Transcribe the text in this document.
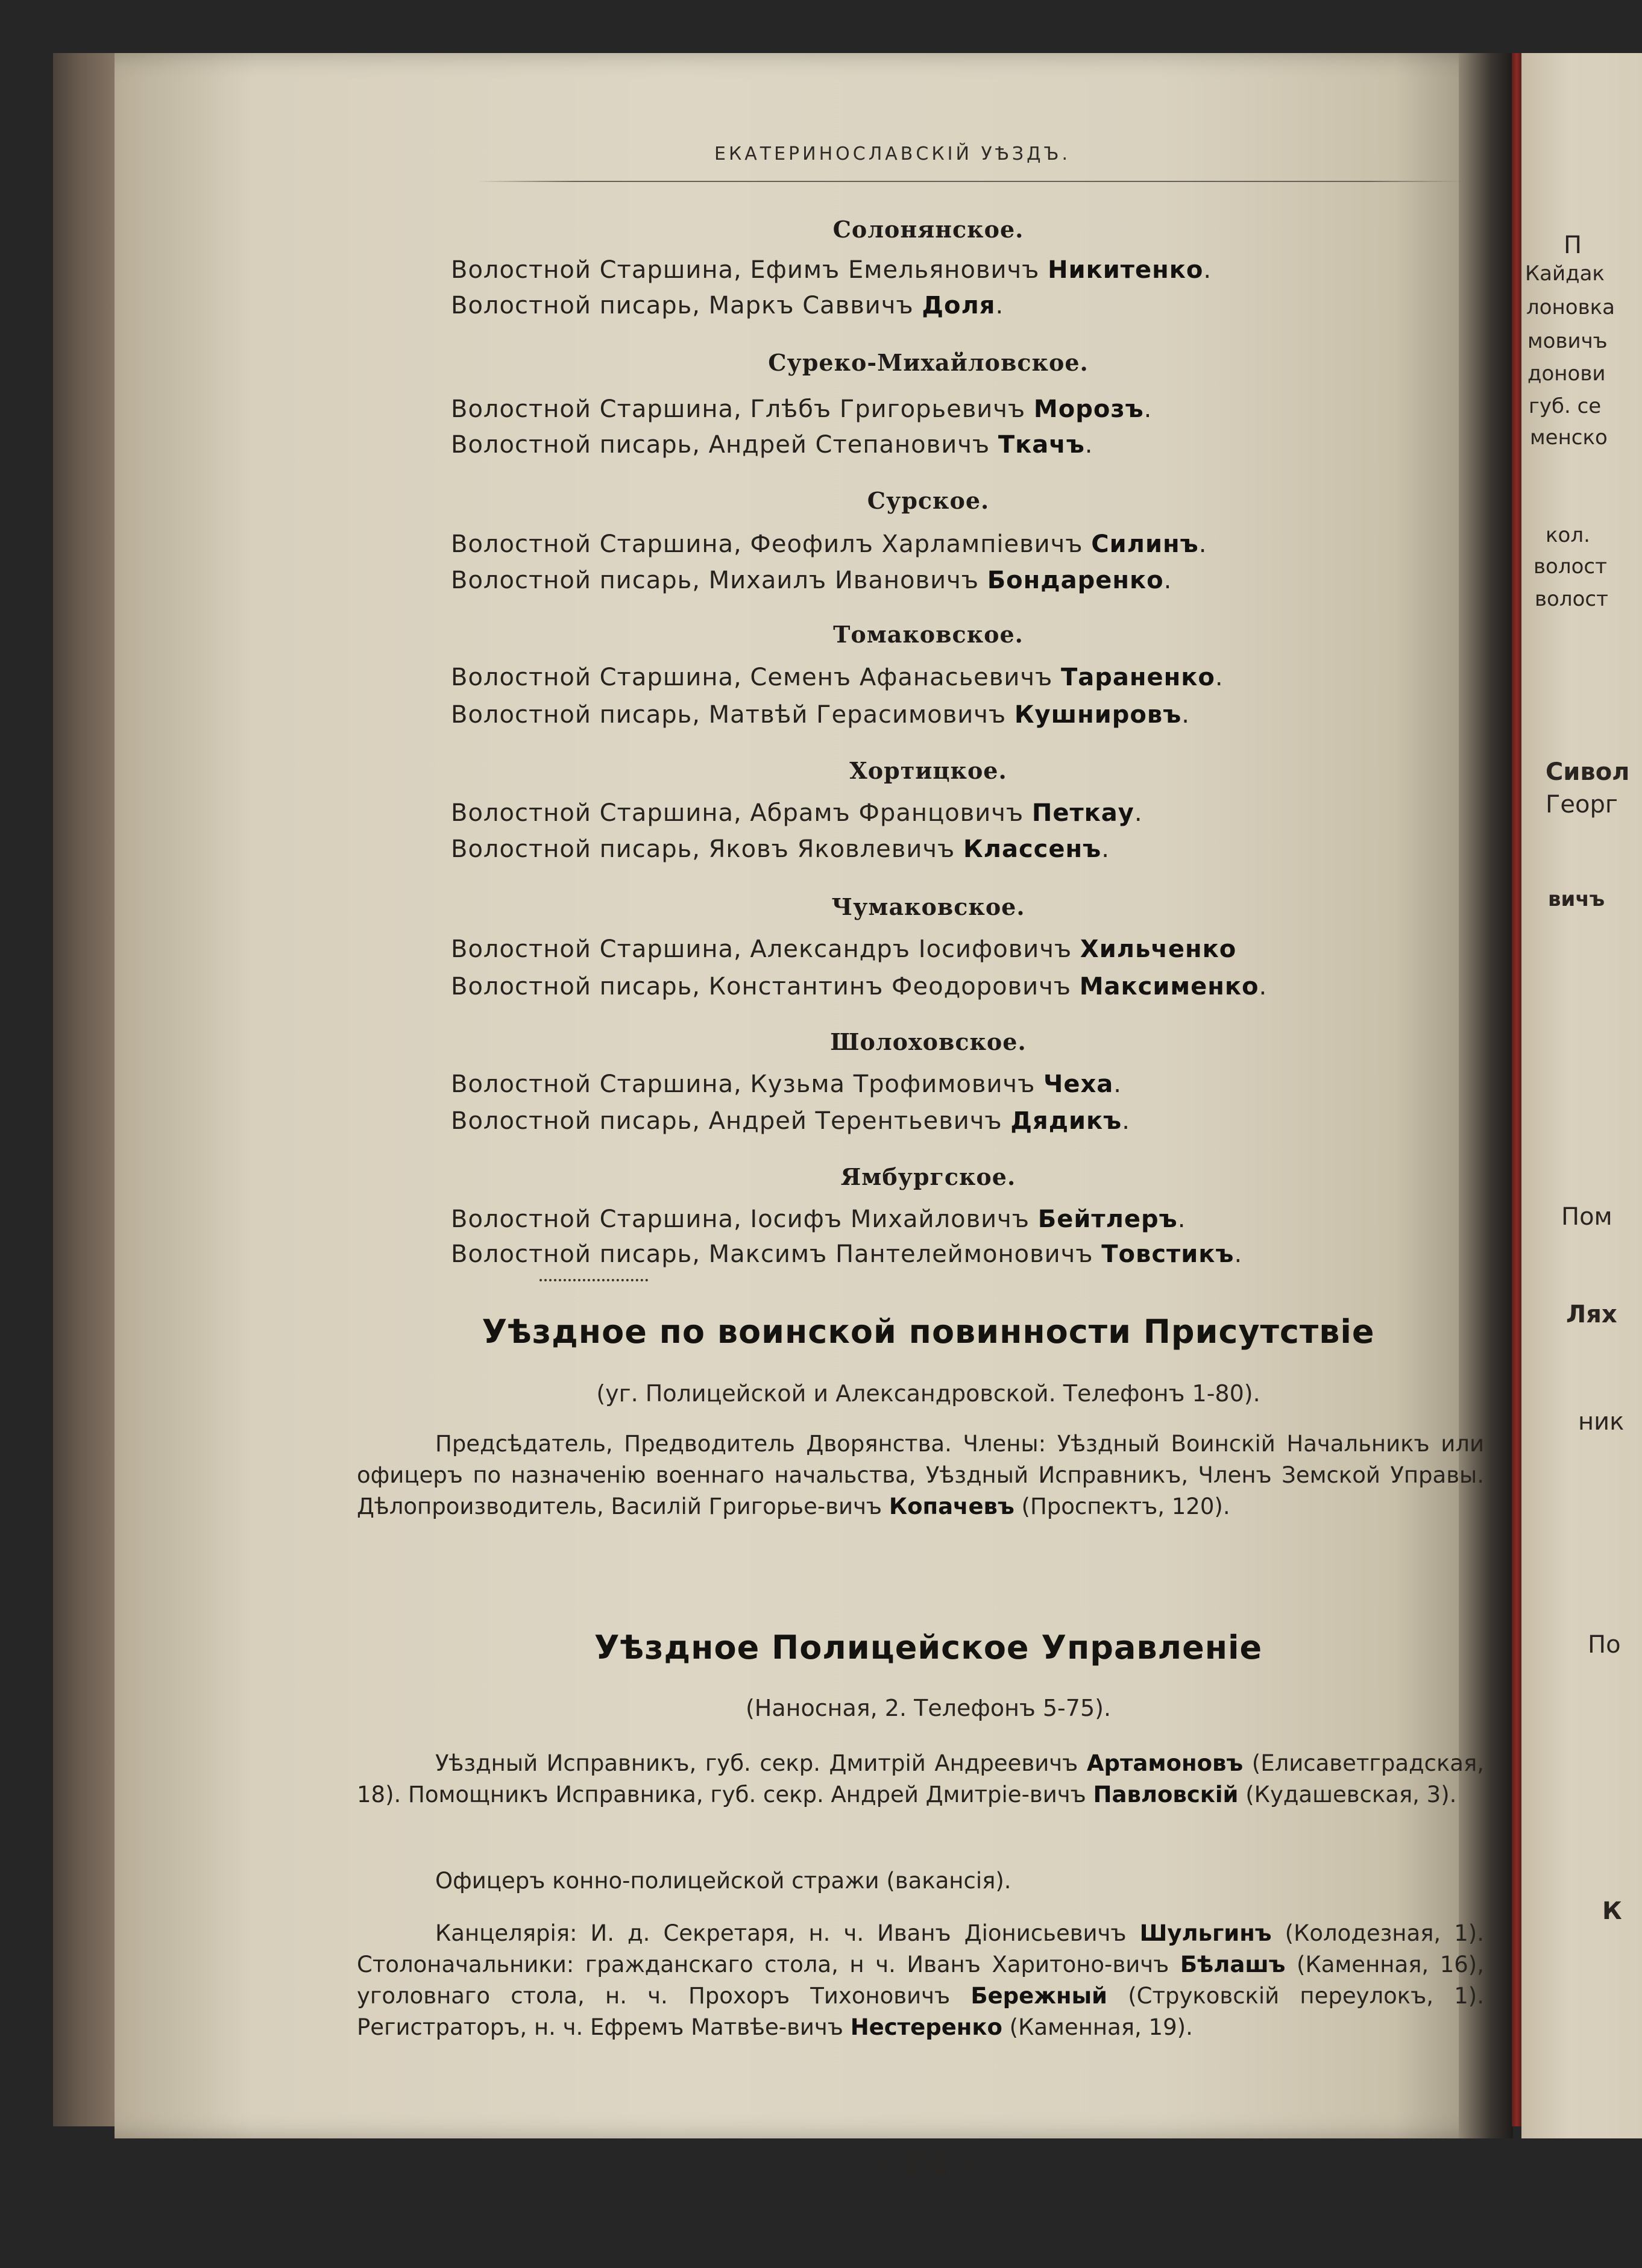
П
Кайдак
лоновка
мовичъ
донови
губ. се
менско
кол.
волост
волост
Сивол
Георг
вичъ
Пом
Лях
ник
По
К
ЕКАТЕРИНОСЛАВСКІЙ УѢЗДЪ.
Солонянское.
Волостной Старшина, Ефимъ Емельяновичъ Никитенко.
Волостной писарь, Маркъ Саввичъ Доля.
Суреко-Михайловское.
Волостной Старшина, Глѣбъ Григорьевичъ Морозъ.
Волостной писарь, Андрей Степановичъ Ткачъ.
Сурское.
Волостной Старшина, Феофилъ Харлампіевичъ Силинъ.
Волостной писарь, Михаилъ Ивановичъ Бондаренко.
Томаковское.
Волостной Старшина, Семенъ Афанасьевичъ Тараненко.
Волостной писарь, Матвѣй Герасимовичъ Кушнировъ.
Хортицкое.
Волостной Старшина, Абрамъ Францовичъ Петкау.
Волостной писарь, Яковъ Яковлевичъ Классенъ.
Чумаковское.
Волостной Старшина, Александръ Іосифовичъ Хильченко
Волостной писарь, Константинъ Феодоровичъ Максименко.
Шолоховское.
Волостной Старшина, Кузьма Трофимовичъ Чеха.
Волостной писарь, Андрей Терентьевичъ Дядикъ.
Ямбургское.
Волостной Старшина, Іосифъ Михайловичъ Бейтлеръ.
Волостной писарь, Максимъ Пантелеймоновичъ Товстикъ.
Уѣздное по воинской повинности Присутствіе
(уг. Полицейской и Александровской. Телефонъ 1-80).
Предсѣдатель, Предводитель Дворянства. Члены: Уѣздный Воинскій Начальникъ или офицеръ по назначенію военнаго начальства, Уѣздный Исправникъ, Членъ Земской Управы. Дѣлопроизводитель, Василій Григорье-вичъ Копачевъ (Проспектъ, 120).
Уѣздное Полицейское Управленіе
(Наносная, 2. Телефонъ 5-75).
Уѣздный Исправникъ, губ. секр. Дмитрій Андреевичъ Артамоновъ (Елисаветградская, 18). Помощникъ Исправника, губ. секр. Андрей Дмитріе-вичъ Павловскій (Кудашевская, 3).
Офицеръ конно-полицейской стражи (вакансія).
Канцелярія: И. д. Секретаря, н. ч. Иванъ Діонисьевичъ Шульгинъ (Колодезная, 1). Столоначальники: гражданскаго стола, н ч. Иванъ Харитоно-вичъ Бѣлашъ (Каменная, 16), уголовнаго стола, н. ч. Прохоръ Тихоновичъ Бережный (Струковскій переулокъ, 1). Регистраторъ, н. ч. Ефремъ Матвѣе-вичъ Нестеренко (Каменная, 19).
— 252 —
